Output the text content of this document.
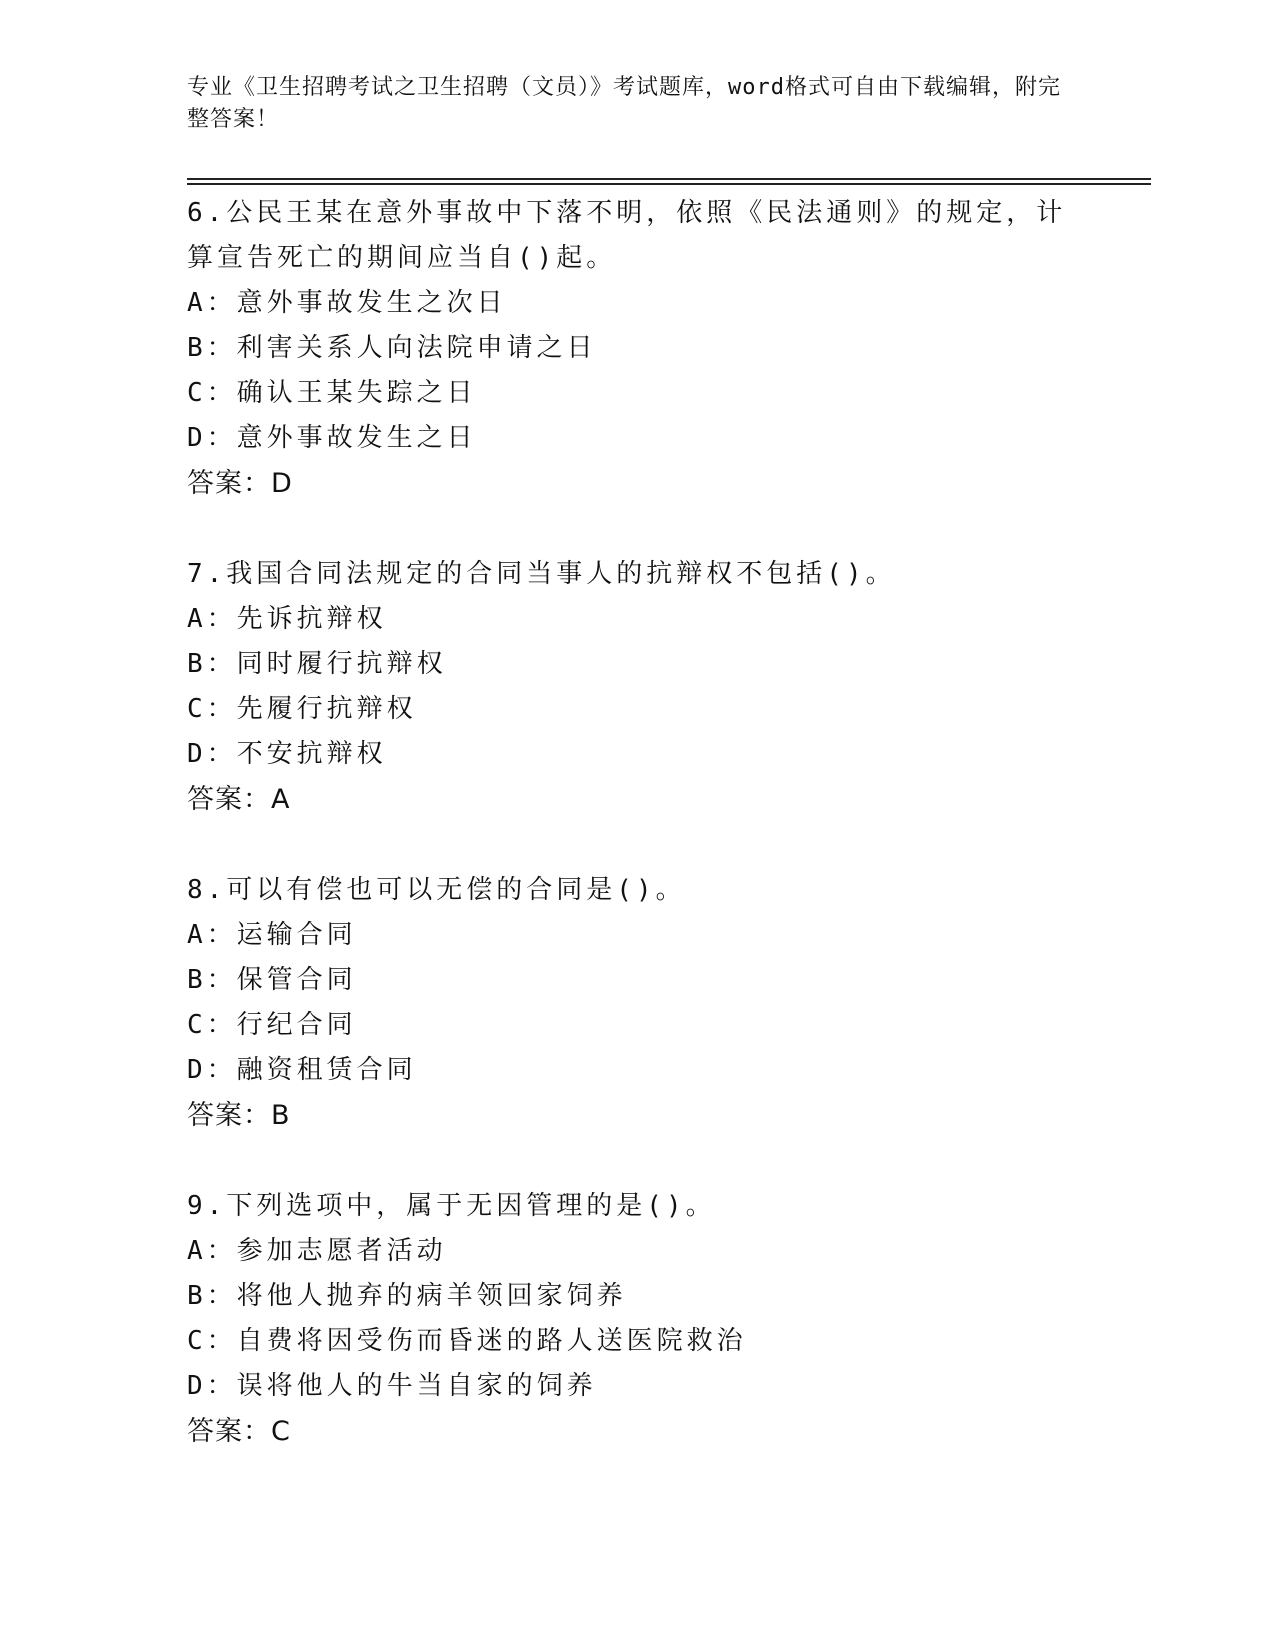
专业《卫生招聘考试之卫生招聘（文员）》考试题库，word格式可自由下载编辑，附完整答案！
6.公民王某在意外事故中下落不明，依照《民法通则》的规定，计算宣告死亡的期间应当自()起。
A：意外事故发生之次日
B：利害关系人向法院申请之日
C：确认王某失踪之日
D：意外事故发生之日
答案：D
7.我国合同法规定的合同当事人的抗辩权不包括()。
A：先诉抗辩权
B：同时履行抗辩权
C：先履行抗辩权
D：不安抗辩权
答案：A
8.可以有偿也可以无偿的合同是()。
A：运输合同
B：保管合同
C：行纪合同
D：融资租赁合同
答案：B
9.下列选项中，属于无因管理的是()。
A：参加志愿者活动
B：将他人抛弃的病羊领回家饲养
C：自费将因受伤而昏迷的路人送医院救治
D：误将他人的牛当自家的饲养
答案：C
